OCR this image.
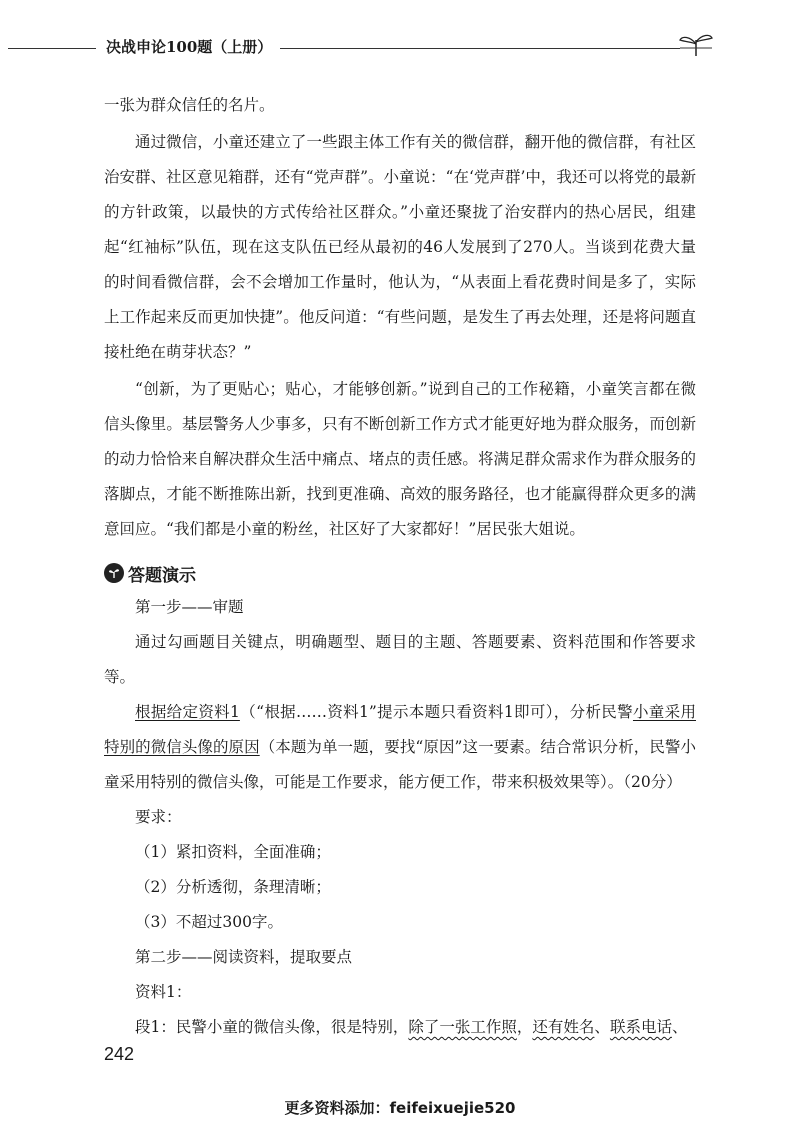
决战申论100题（上册）

一张为群众信任的名片。

通过微信，小童还建立了一些跟主体工作有关的微信群，翻开他的微信群，有社区治安群、社区意见箱群，还有“党声群”。小童说：“在‘党声群’中，我还可以将党的最新的方针政策，以最快的方式传给社区群众。”小童还聚拢了治安群内的热心居民，组建起“红袖标”队伍，现在这支队伍已经从最初的46人发展到了270人。当谈到花费大量的时间看微信群，会不会增加工作量时，他认为，“从表面上看花费时间是多了，实际上工作起来反而更加快捷”。他反问道：“有些问题，是发生了再去处理，还是将问题直接杜绝在萌芽状态？”

“创新，为了更贴心；贴心，才能够创新。”说到自己的工作秘籍，小童笑言都在微信头像里。基层警务人少事多，只有不断创新工作方式才能更好地为群众服务，而创新的动力恰恰来自解决群众生活中痛点、堵点的责任感。将满足群众需求作为群众服务的落脚点，才能不断推陈出新，找到更准确、高效的服务路径，也才能赢得群众更多的满意回应。“我们都是小童的粉丝，社区好了大家都好！”居民张大姐说。

答题演示

第一步——审题

通过勾画题目关键点，明确题型、题目的主题、答题要素、资料范围和作答要求等。

根据给定资料1（“根据……资料1”提示本题只看资料1即可），分析民警小童采用特别的微信头像的原因（本题为单一题，要找“原因”这一要素。结合常识分析，民警小童采用特别的微信头像，可能是工作要求，能方便工作，带来积极效果等）。（20分）

要求：

（1）紧扣资料，全面准确；

（2）分析透彻，条理清晰；

（3）不超过300字。

第二步——阅读资料，提取要点

资料1：

段1：民警小童的微信头像，很是特别，除了一张工作照，还有姓名、联系电话、

242
更多资料添加：feifeixuejie520
